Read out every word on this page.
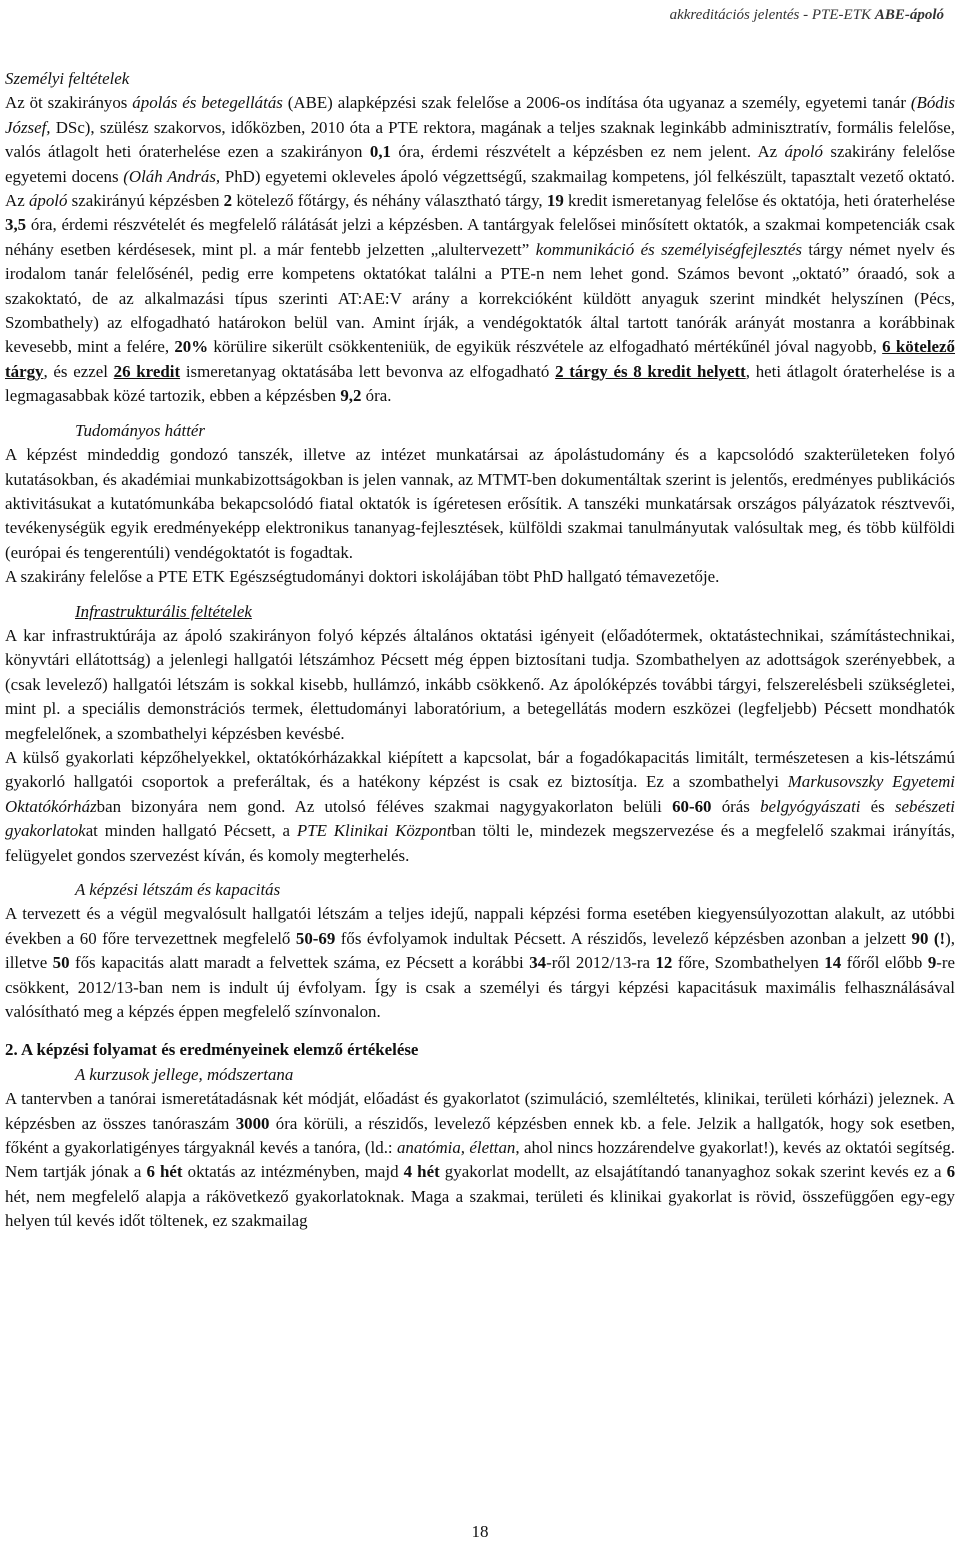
akkreditációs jelentés - PTE-ETK ABE-ápoló

Személyi feltételek

Az öt szakirányos ápolás és betegellátás (ABE) alapképzési szak felelőse a 2006-os indítása óta ugyanaz a személy, egyetemi tanár (Bódis József, DSc), szülész szakorvos, időközben, 2010 óta a PTE rektora, magának a teljes szaknak leginkább adminisztratív, formális felelőse, valós átlagolt heti óraterhelése ezen a szakirányon 0,1 óra, érdemi részvételt a képzésben ez nem jelent. Az ápoló szakirány felelőse egyetemi docens (Oláh András, PhD) egyetemi okleveles ápoló végzettségű, szakmailag kompetens, jól felkészült, tapasztalt vezető oktató. Az ápoló szakirányú képzésben 2 kötelező főtárgy, és néhány választható tárgy, 19 kredit ismeretanyag felelőse és oktatója, heti óraterhelése 3,5 óra, érdemi részvételét és megfelelő rálátását jelzi a képzésben. A tantárgyak felelősei minősített oktatók, a szakmai kompetenciák csak néhány esetben kérdésesek, mint pl. a már fentebb jelzetten „alultervezett” kommunikáció és személyiségfejlesztés tárgy német nyelv és irodalom tanár felelősénél, pedig erre kompetens oktatókat találni a PTE-n nem lehet gond. Számos bevont „oktató” óraadó, sok a szakoktató, de az alkalmazási típus szerinti AT:AE:V arány a korrekcióként küldött anyaguk szerint mindkét helyszínen (Pécs, Szombathely) az elfogadható határokon belül van. Amint írják, a vendégoktatók által tartott tanórák arányát mostanra a korábbinak kevesebb, mint a felére, 20% körülire sikerült csökkenteniük, de egyikük részvétele az elfogadható mértékűnél jóval nagyobb, 6 kötelező tárgy, és ezzel 26 kredit ismeretanyag oktatásába lett bevonva az elfogadható 2 tárgy és 8 kredit helyett, heti átlagolt óraterhelése is a legmagasabbak közé tartozik, ebben a képzésben 9,2 óra.

Tudományos háttér

A képzést mindeddig gondozó tanszék, illetve az intézet munkatársai az ápolástudomány és a kapcsolódó szakterületeken folyó kutatásokban, és akadémiai munkabizottságokban is jelen vannak, az MTMT-ben dokumentáltak szerint is jelentős, eredményes publikációs aktivitásukat a kutatómunkába bekapcsolódó fiatal oktatók is ígéretesen erősítik. A tanszéki munkatársak országos pályázatok résztvevői, tevékenységük egyik eredményeképp elektronikus tananyag-fejlesztések, külföldi szakmai tanulmányutak valósultak meg, és több külföldi (európai és tengerentúli) vendégoktatót is fogadtak.

A szakirány felelőse a PTE ETK Egészségtudományi doktori iskolájában töbt PhD hallgató témavezetője.

Infrastrukturális feltételek

A kar infrastruktúrája az ápoló szakirányon folyó képzés általános oktatási igényeit (előadótermek, oktatástechnikai, számítástechnikai, könyvtári ellátottság) a jelenlegi hallgatói létszámhoz Pécsett még éppen biztosítani tudja. Szombathelyen az adottságok szerényebbek, a (csak levelező) hallgatói létszám is sokkal kisebb, hullámzó, inkább csökkenő. Az ápolóképzés további tárgyi, felszerelésbeli szükségletei, mint pl. a speciális demonstrációs termek, élettudományi laboratórium, a betegellátás modern eszközei (legfeljebb) Pécsett mondhatók megfelelőnek, a szombathelyi képzésben kevésbé.

A külső gyakorlati képzőhelyekkel, oktatókórházakkal kiépített a kapcsolat, bár a fogadókapacitás limitált, természetesen a kis-létszámú gyakorló hallgatói csoportok a preferáltak, és a hatékony képzést is csak ez biztosítja. Ez a szombathelyi Markusovszky Egyetemi Oktatókórházban bizonyára nem gond. Az utolsó féléves szakmai nagygyakorlaton belüli 60-60 órás belgyógyászati és sebészeti gyakorlatokat minden hallgató Pécsett, a PTE Klinikai Központban tölti le, mindezek megszervezése és a megfelelő szakmai irányítás, felügyelet gondos szervezést kíván, és komoly megterhelés.

A képzési létszám és kapacitás

A tervezett és a végül megvalósult hallgatói létszám a teljes idejű, nappali képzési forma esetében kiegyensúlyozottan alakult, az utóbbi években a 60 főre tervezettnek megfelelő 50-69 fős évfolyamok indultak Pécsett. A részidős, levelező képzésben azonban a jelzett 90 (!), illetve 50 fős kapacitás alatt maradt a felvettek száma, ez Pécsett a korábbi 34-ről 2012/13-ra 12 főre, Szombathelyen 14 főről előbb 9-re csökkent, 2012/13-ban nem is indult új évfolyam. Így is csak a személyi és tárgyi képzési kapacitásuk maximális felhasználásával valósítható meg a képzés éppen megfelelő színvonalon.

2. A képzési folyamat és eredményeinek elemző értékelése

A kurzusok jellege, módszertana

A tantervben a tanórai ismeretátadásnak két módját, előadást és gyakorlatot (szimuláció, szemléltetés, klinikai, területi kórházi) jeleznek. A képzésben az összes tanóraszám 3000 óra körüli, a részidős, levelező képzésben ennek kb. a fele. Jelzik a hallgatók, hogy sok esetben, főként a gyakorlatigényes tárgyaknál kevés a tanóra, (ld.: anatómia, élettan, ahol nincs hozzárendelve gyakorlat!), kevés az oktatói segítség. Nem tartják jónak a 6 hét oktatás az intézményben, majd 4 hét gyakorlat modellt, az elsajátítandó tananyaghoz sokak szerint kevés ez a 6 hét, nem megfelelő alapja a rákövetkező gyakorlatoknak. Maga a szakmai, területi és klinikai gyakorlat is rövid, összefüggően egy-egy helyen túl kevés időt töltenek, ez szakmailag

18
